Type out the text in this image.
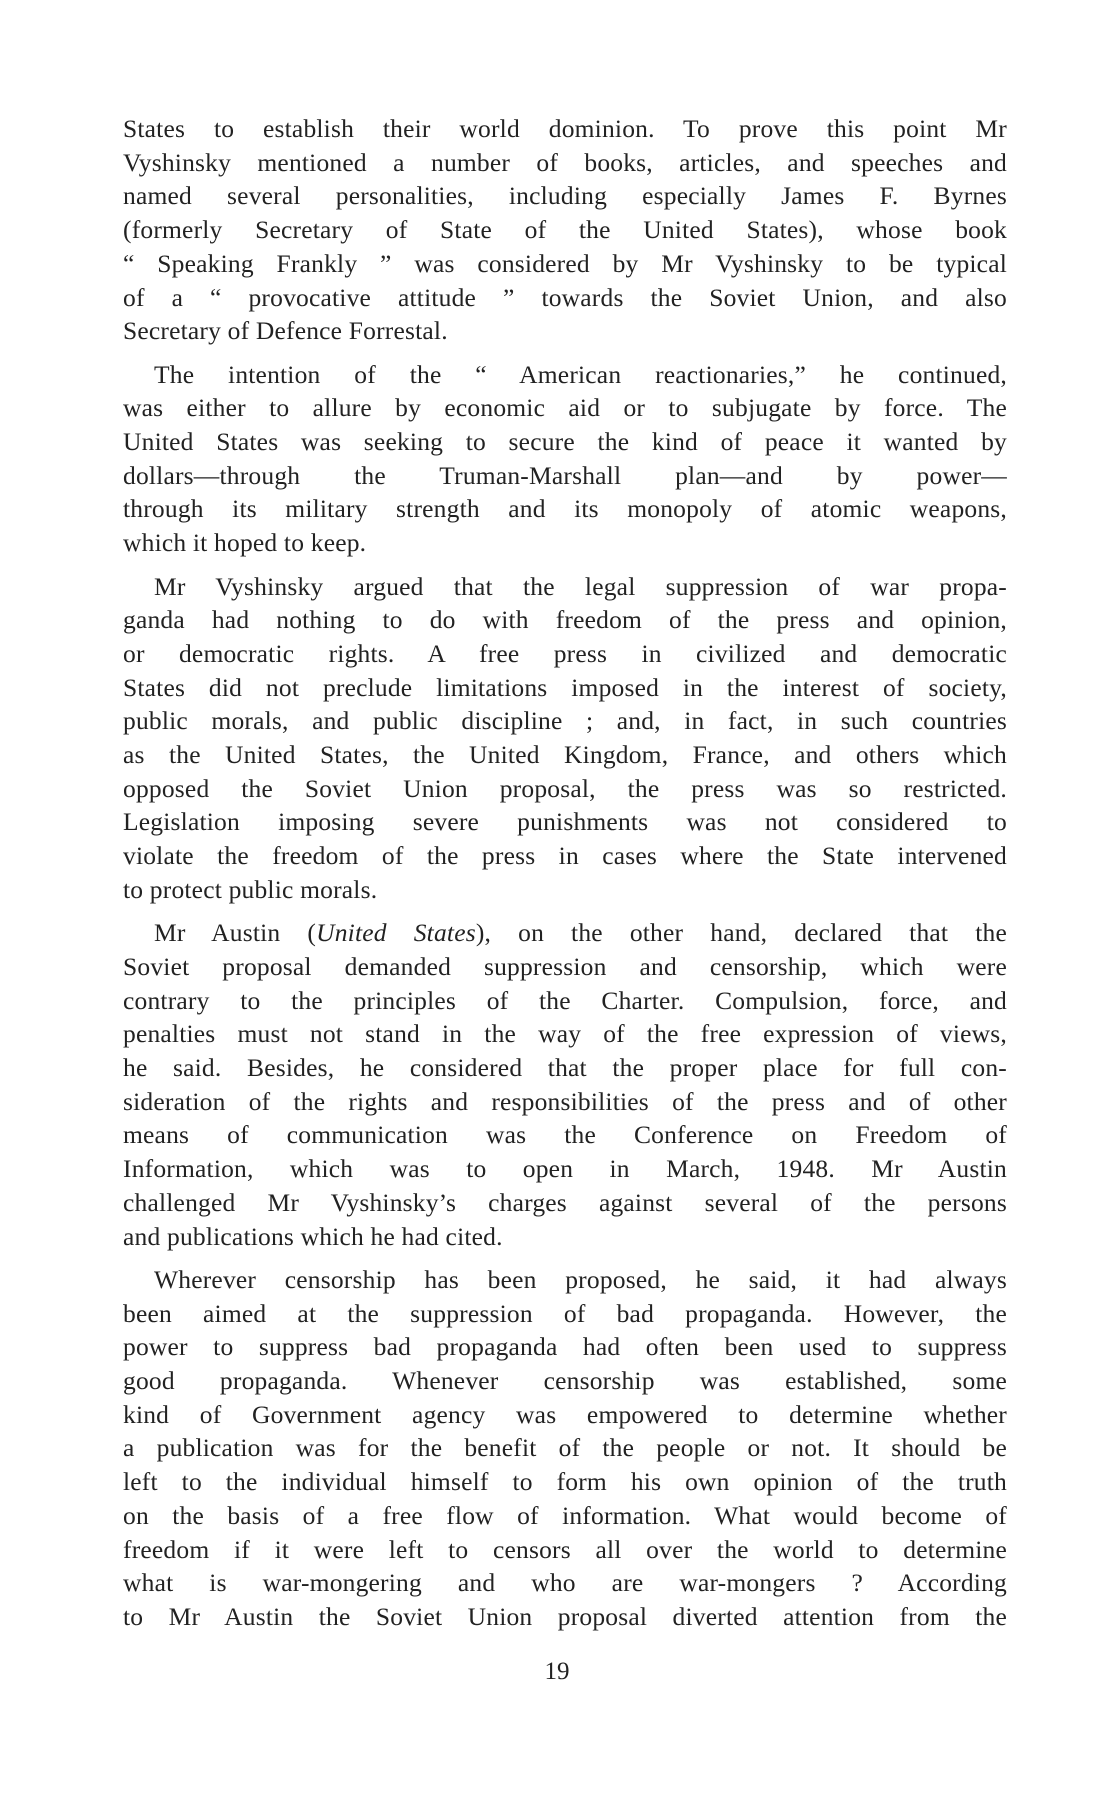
States to establish their world dominion. To prove this point Mr
Vyshinsky mentioned a number of books, articles, and speeches and
named several personalities, including especially James F. Byrnes
(formerly Secretary of State of the United States), whose book
“ Speaking Frankly ” was considered by Mr Vyshinsky to be typical
of a “ provocative attitude ” towards the Soviet Union, and also
Secretary of Defence Forrestal.
The intention of the “ American reactionaries,” he continued,
was either to allure by economic aid or to subjugate by force. The
United States was seeking to secure the kind of peace it wanted by
dollars—through the Truman-Marshall plan—and by power—
through its military strength and its monopoly of atomic weapons,
which it hoped to keep.
Mr Vyshinsky argued that the legal suppression of war propa-
ganda had nothing to do with freedom of the press and opinion,
or democratic rights. A free press in civilized and democratic
States did not preclude limitations imposed in the interest of society,
public morals, and public discipline ; and, in fact, in such countries
as the United States, the United Kingdom, France, and others which
opposed the Soviet Union proposal, the press was so restricted.
Legislation imposing severe punishments was not considered to
violate the freedom of the press in cases where the State intervened
to protect public morals.
Mr Austin (United States), on the other hand, declared that the
Soviet proposal demanded suppression and censorship, which were
contrary to the principles of the Charter. Compulsion, force, and
penalties must not stand in the way of the free expression of views,
he said. Besides, he considered that the proper place for full con-
sideration of the rights and responsibilities of the press and of other
means of communication was the Conference on Freedom of
Information, which was to open in March, 1948. Mr Austin
challenged Mr Vyshinsky’s charges against several of the persons
and publications which he had cited.
Wherever censorship has been proposed, he said, it had always
been aimed at the suppression of bad propaganda. However, the
power to suppress bad propaganda had often been used to suppress
good propaganda. Whenever censorship was established, some
kind of Government agency was empowered to determine whether
a publication was for the benefit of the people or not. It should be
left to the individual himself to form his own opinion of the truth
on the basis of a free flow of information. What would become of
freedom if it were left to censors all over the world to determine
what is war-mongering and who are war-mongers ? According
to Mr Austin the Soviet Union proposal diverted attention from the
19
